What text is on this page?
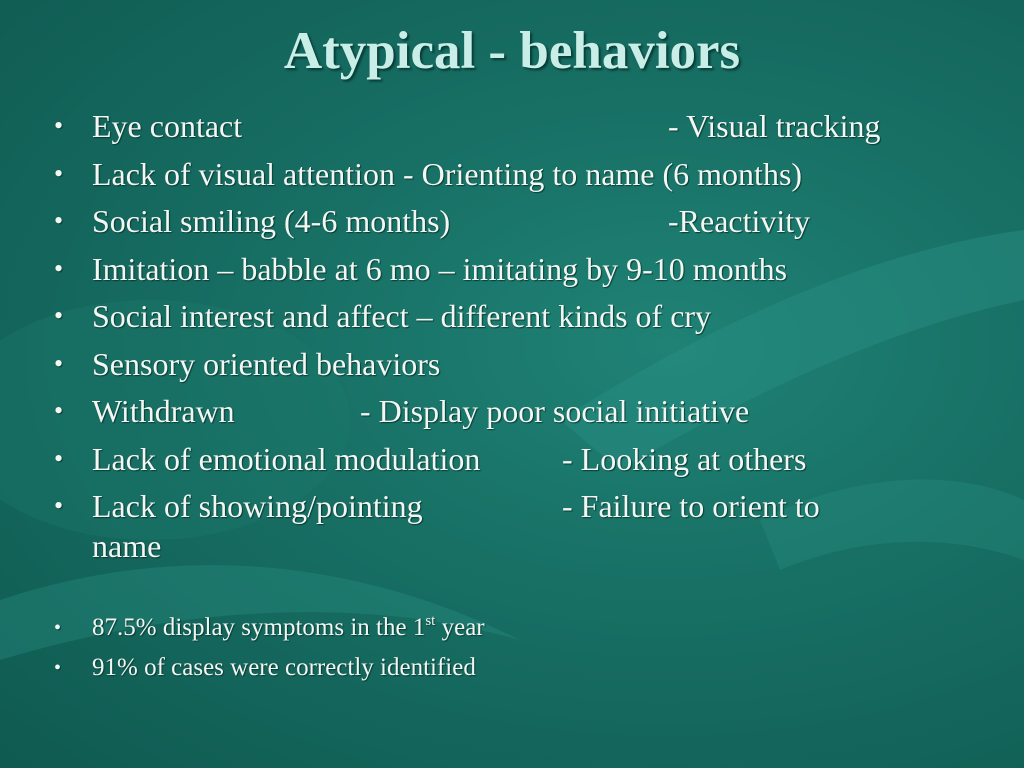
Atypical - behaviors
• Eye contact	- Visual tracking
• Lack of visual attention - Orienting to name (6 months)
• Social smiling (4-6 months)	-Reactivity
• Imitation – babble at 6 mo – imitating by 9-10 months
• Social interest and affect – different kinds of cry
• Sensory oriented behaviors
• Withdrawn	- Display poor social initiative
• Lack of emotional modulation	- Looking at others
• Lack of showing/pointing	- Failure to orient to
name
•	87.5% display symptoms in the 1st year
•	91% of cases were correctly identified
